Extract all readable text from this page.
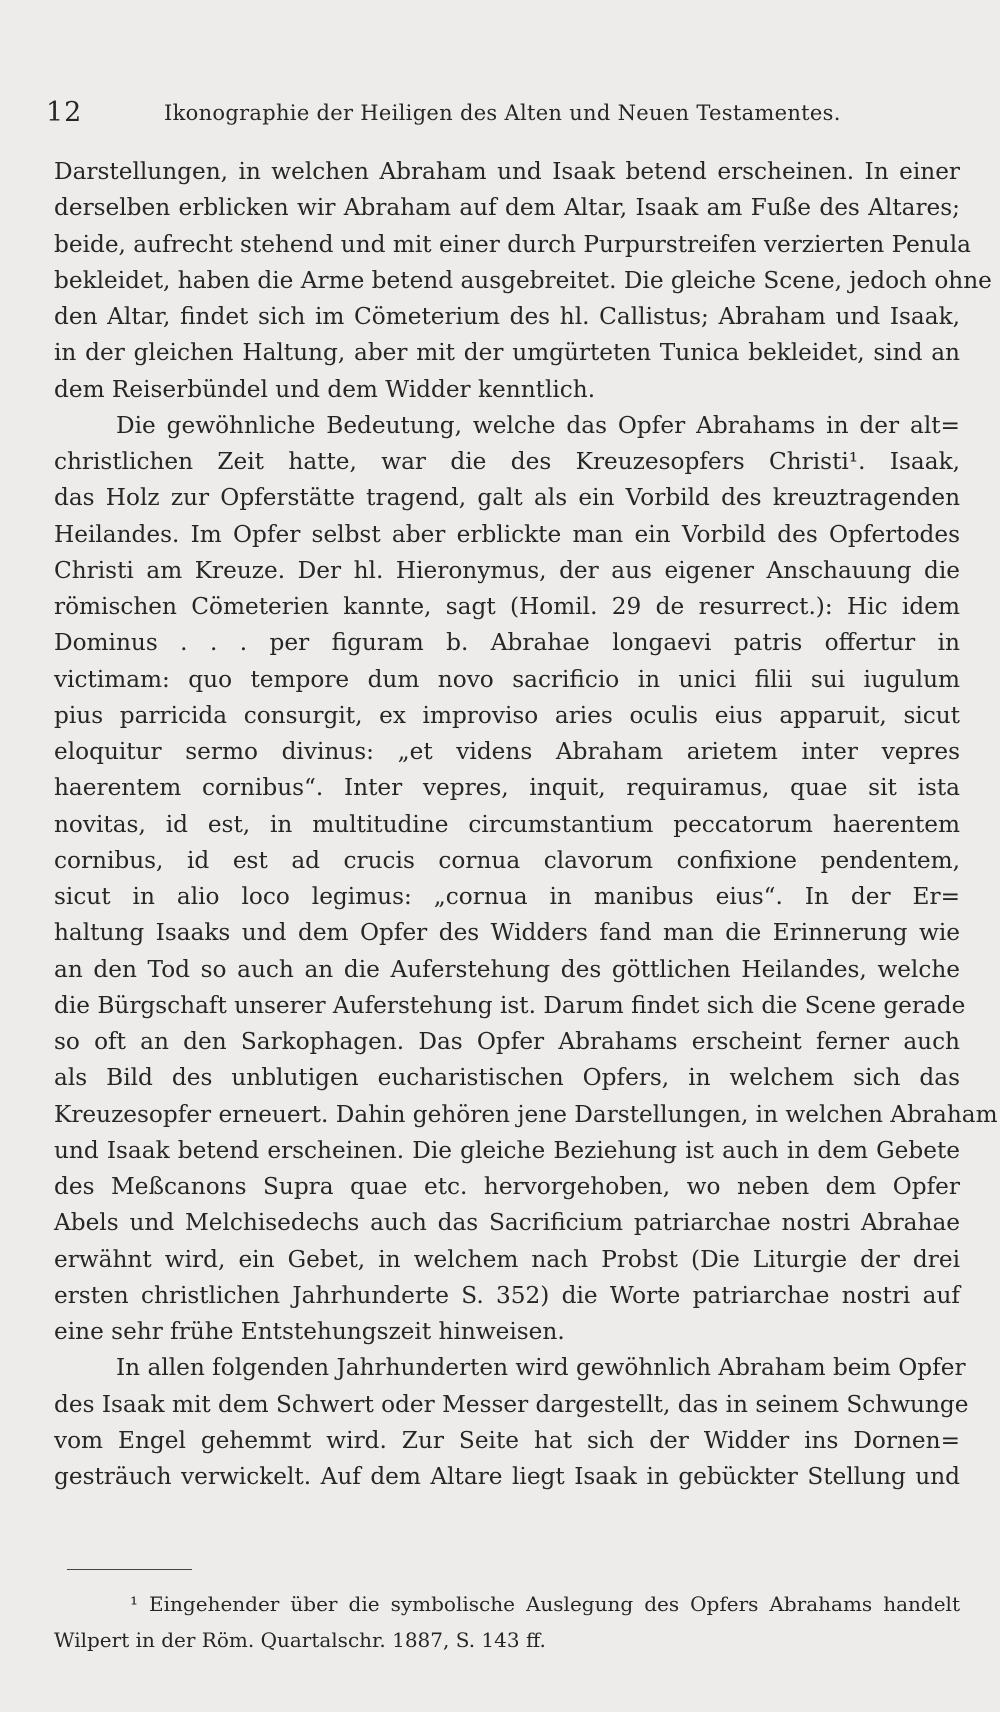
12	Ikonographie der Heiligen des Alten und Neuen Testamentes.
Darstellungen, in welchen Abraham und Isaak betend erscheinen. In einer
derselben erblicken wir Abraham auf dem Altar, Isaak am Fuße des Altares;
beide, aufrecht stehend und mit einer durch Purpurstreifen verzierten Penula
bekleidet, haben die Arme betend ausgebreitet. Die gleiche Scene, jedoch ohne
den Altar, findet sich im Cömeterium des hl. Callistus; Abraham und Isaak,
in der gleichen Haltung, aber mit der umgürteten Tunica bekleidet, sind an
dem Reiserbündel und dem Widder kenntlich.
Die gewöhnliche Bedeutung, welche das Opfer Abrahams in der alt=
christlichen Zeit hatte, war die des Kreuzesopfers Christi¹. Isaak,
das Holz zur Opferstätte tragend, galt als ein Vorbild des kreuztragenden
Heilandes. Im Opfer selbst aber erblickte man ein Vorbild des Opfertodes
Christi am Kreuze. Der hl. Hieronymus, der aus eigener Anschauung die
römischen Cömeterien kannte, sagt (Homil. 29 de resurrect.): Hic idem
Dominus . . . per figuram b. Abrahae longaevi patris offertur in
victimam: quo tempore dum novo sacrificio in unici filii sui iugulum
pius parricida consurgit, ex improviso aries oculis eius apparuit, sicut
eloquitur sermo divinus: „et videns Abraham arietem inter vepres
haerentem cornibus“. Inter vepres, inquit, requiramus, quae sit ista
novitas, id est, in multitudine circumstantium peccatorum haerentem
cornibus, id est ad crucis cornua clavorum confixione pendentem,
sicut in alio loco legimus: „cornua in manibus eius“. In der Er=
haltung Isaaks und dem Opfer des Widders fand man die Erinnerung wie
an den Tod so auch an die Auferstehung des göttlichen Heilandes, welche
die Bürgschaft unserer Auferstehung ist. Darum findet sich die Scene gerade
so oft an den Sarkophagen. Das Opfer Abrahams erscheint ferner auch
als Bild des unblutigen eucharistischen Opfers, in welchem sich das
Kreuzesopfer erneuert. Dahin gehören jene Darstellungen, in welchen Abraham
und Isaak betend erscheinen. Die gleiche Beziehung ist auch in dem Gebete
des Meßcanons Supra quae etc. hervorgehoben, wo neben dem Opfer
Abels und Melchisedechs auch das Sacrificium patriarchae nostri Abrahae
erwähnt wird, ein Gebet, in welchem nach Probst (Die Liturgie der drei
ersten christlichen Jahrhunderte S. 352) die Worte patriarchae nostri auf
eine sehr frühe Entstehungszeit hinweisen.
In allen folgenden Jahrhunderten wird gewöhnlich Abraham beim Opfer
des Isaak mit dem Schwert oder Messer dargestellt, das in seinem Schwunge
vom Engel gehemmt wird. Zur Seite hat sich der Widder ins Dornen=
gesträuch verwickelt. Auf dem Altare liegt Isaak in gebückter Stellung und
¹ Eingehender über die symbolische Auslegung des Opfers Abrahams handelt
Wilpert in der Röm. Quartalschr. 1887, S. 143 ff.
